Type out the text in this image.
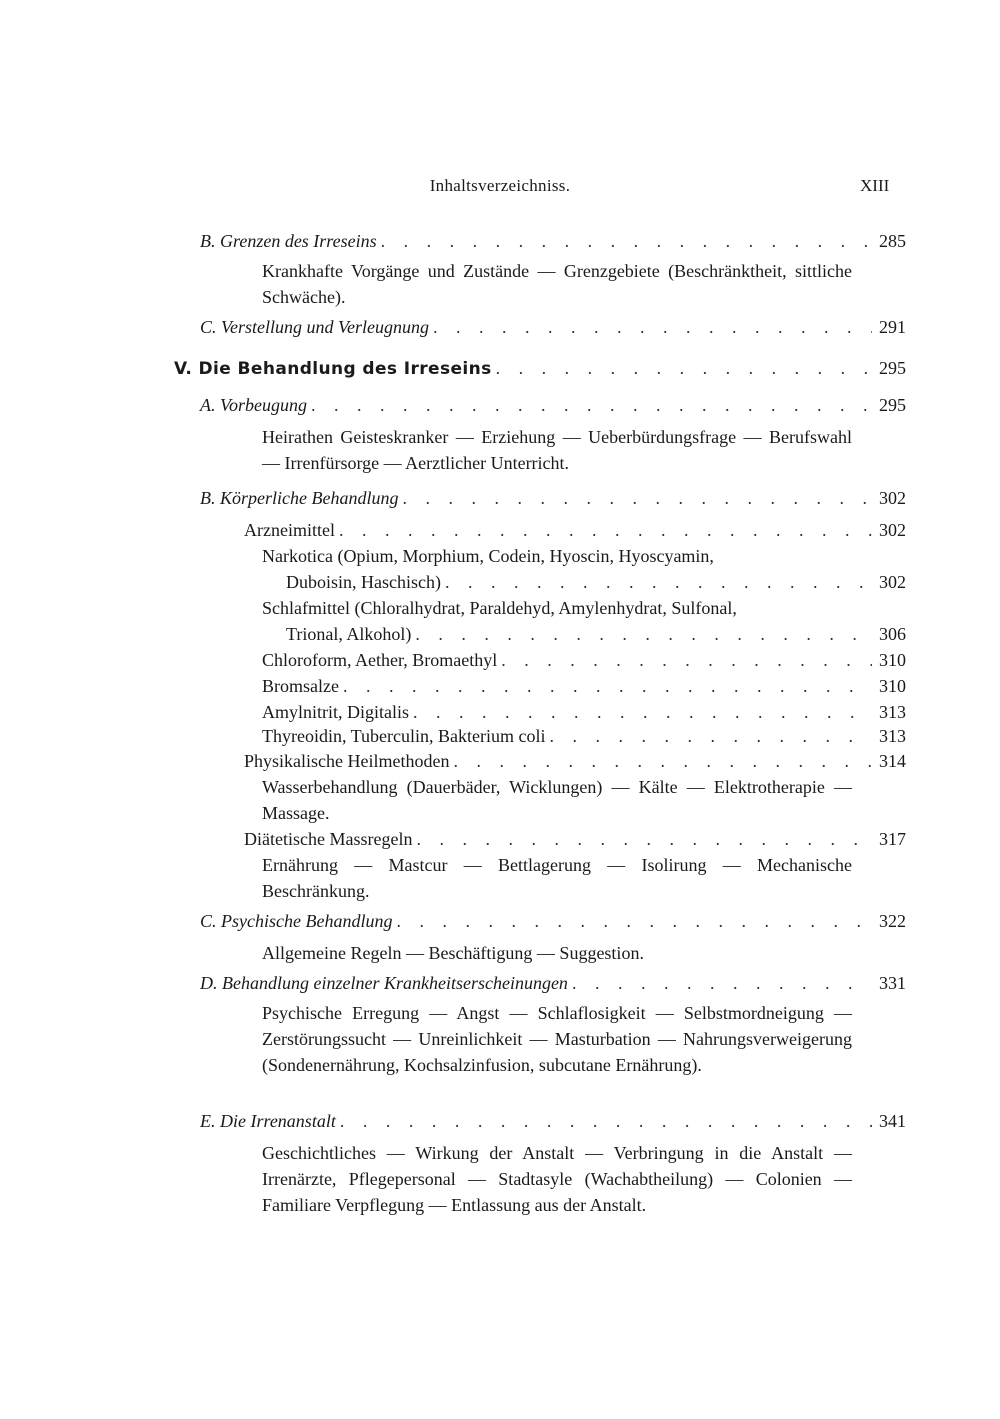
Inhaltsverzeichniss.	XIII
B. Grenzen des Irreseins . . .	285

Krankhafte Vorgänge und Zustände — Grenzgebiete (Beschränktheit, sittliche Schwäche).

C. Verstellung und Verleugnung . . .	291
V. Die Behandlung des Irreseins . . .	295
A. Vorbeugung . . .	295

Heirathen Geisteskranker — Erziehung — Ueberbürdungsfrage — Berufswahl — Irrenfürsorge — Aerztlicher Unterricht.

B. Körperliche Behandlung . . .	302
Arzneimittel . . .	302
Narkotica (Opium, Morphium, Codein, Hyoscin, Hyoscyamin,
Duboisin, Haschisch) . . .	302
Schlafmittel (Chloralhydrat, Paraldehyd, Amylenhydrat, Sulfonal,
Trional, Alkohol) . . .	306
Chloroform, Aether, Bromaethyl . . .	310
Bromsalze . . .	310
Amylnitrit, Digitalis . . .	313
Thyreoidin, Tuberculin, Bakterium coli . . .	313
Physikalische Heilmethoden . . .	314

Wasserbehandlung (Dauerbäder, Wicklungen) — Kälte — Elektrotherapie — Massage.

Diätetische Massregeln . . .	317

Ernährung — Mastcur — Bettlagerung — Isolirung — Mechanische Beschränkung.

C. Psychische Behandlung . . .	322

Allgemeine Regeln — Beschäftigung — Suggestion.

D. Behandlung einzelner Krankheitserscheinungen . . .	331

Psychische Erregung — Angst — Schlaflosigkeit — Selbstmordneigung — Zerstörungssucht — Unreinlichkeit — Masturbation — Nahrungsverweigerung (Sondenernährung, Kochsalzinfusion, subcutane Ernährung).

E. Die Irrenanstalt . . .	341

Geschichtliches — Wirkung der Anstalt — Verbringung in die Anstalt — Irrenärzte, Pflegepersonal — Stadtasyle (Wachabtheilung) — Colonien — Familiare Verpflegung — Entlassung aus der Anstalt.
